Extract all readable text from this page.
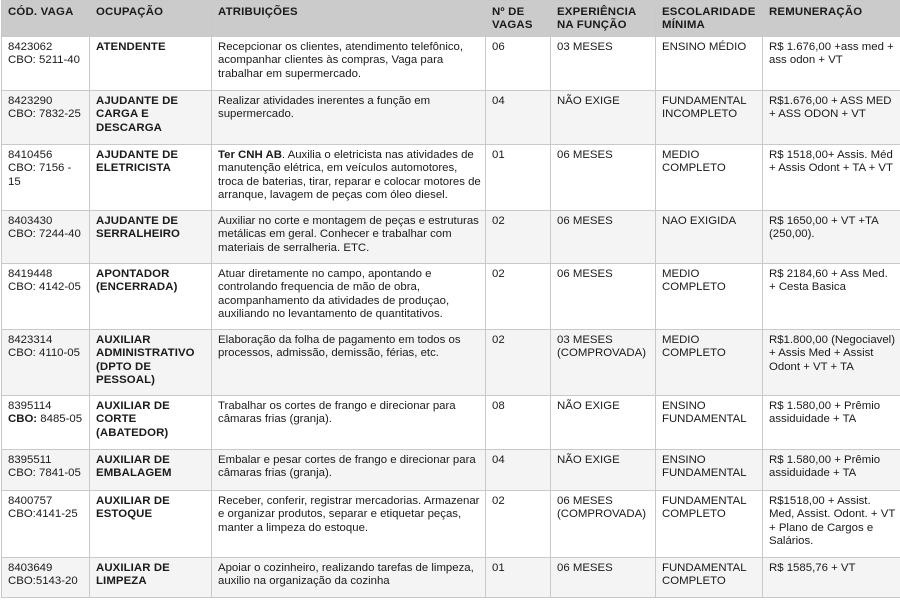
CÓD. VAGA	OCUPAÇÃO	ATRIBUIÇÕES	Nº DE VAGAS	EXPERIÊNCIA NA FUNÇÃO	ESCOLARIDADE MÍNIMA	REMUNERAÇÃO

8423062
CBO: 5211-40	ATENDENTE	Recepcionar os clientes, atendimento telefônico, acompanhar clientes às compras, Vaga para trabalhar em supermercado.	06	03 MESES	ENSINO MÉDIO	R$ 1.676,00 +ass med + ass odon + VT

8423290
CBO: 7832-25	AJUDANTE DE CARGA E DESCARGA	Realizar atividades inerentes a função em supermercado.	04	NÃO EXIGE	FUNDAMENTAL INCOMPLETO	R$1.676,00 + ASS MED + ASS ODON + VT

8410456
CBO: 7156 - 15	AJUDANTE DE ELETRICISTA	Ter CNH AB. Auxilia o eletricista nas atividades de manutenção elétrica, em veículos automotores, troca de baterias, tirar, reparar e colocar motores de arranque, lavagem de peças com óleo diesel.	01	06 MESES	MEDIO COMPLETO	R$ 1518,00+ Assis. Méd + Assis Odont + TA + VT

8403430
CBO: 7244-40	AJUDANTE DE SERRALHEIRO	Auxiliar no corte e montagem de peças e estruturas metálicas em geral. Conhecer e trabalhar com materiais de serralheria. ETC.	02	06 MESES	NAO EXIGIDA	R$ 1650,00 + VT +TA (250,00).

8419448
CBO: 4142-05	APONTADOR (ENCERRADA)	Atuar diretamente no campo, apontando e controlando frequencia de mão de obra, acompanhamento da atividades de produçao, auxiliando no levantamento de quantitativos.	02	06 MESES	MEDIO COMPLETO	R$ 2184,60 + Ass Med. + Cesta Basica

8423314
CBO: 4110-05	AUXILIAR ADMINISTRATIVO (DPTO DE PESSOAL)	Elaboração da folha de pagamento em todos os processos, admissão, demissão, férias, etc.	02	03 MESES (COMPROVADA)	MEDIO COMPLETO	R$1.800,00 (Negociavel) + Assis Med + Assist Odont + VT + TA

8395114
CBO: 8485-05	AUXILIAR DE CORTE (ABATEDOR)	Trabalhar os cortes de frango e direcionar para câmaras frias (granja).	08	NÃO EXIGE	ENSINO FUNDAMENTAL	R$ 1.580,00 + Prêmio assiduidade + TA

8395511
CBO: 7841-05	AUXILIAR DE EMBALAGEM	Embalar e pesar cortes de frango e direcionar para câmaras frias (granja).	04	NÃO EXIGE	ENSINO FUNDAMENTAL	R$ 1.580,00 + Prêmio assiduidade + TA

8400757
CBO:4141-25	AUXILIAR DE ESTOQUE	Receber, conferir, registrar mercadorias. Armazenar e organizar produtos, separar e etiquetar peças, manter a limpeza do estoque.	02	06 MESES (COMPROVADA)	FUNDAMENTAL COMPLETO	R$1518,00 + Assist. Med, Assist. Odont. + VT + Plano de Cargos e Salários.

8403649
CBO:5143-20	AUXILIAR DE LIMPEZA	Apoiar o cozinheiro, realizando tarefas de limpeza, auxilio na organização da cozinha	01	06 MESES	FUNDAMENTAL COMPLETO	R$ 1585,76 + VT
